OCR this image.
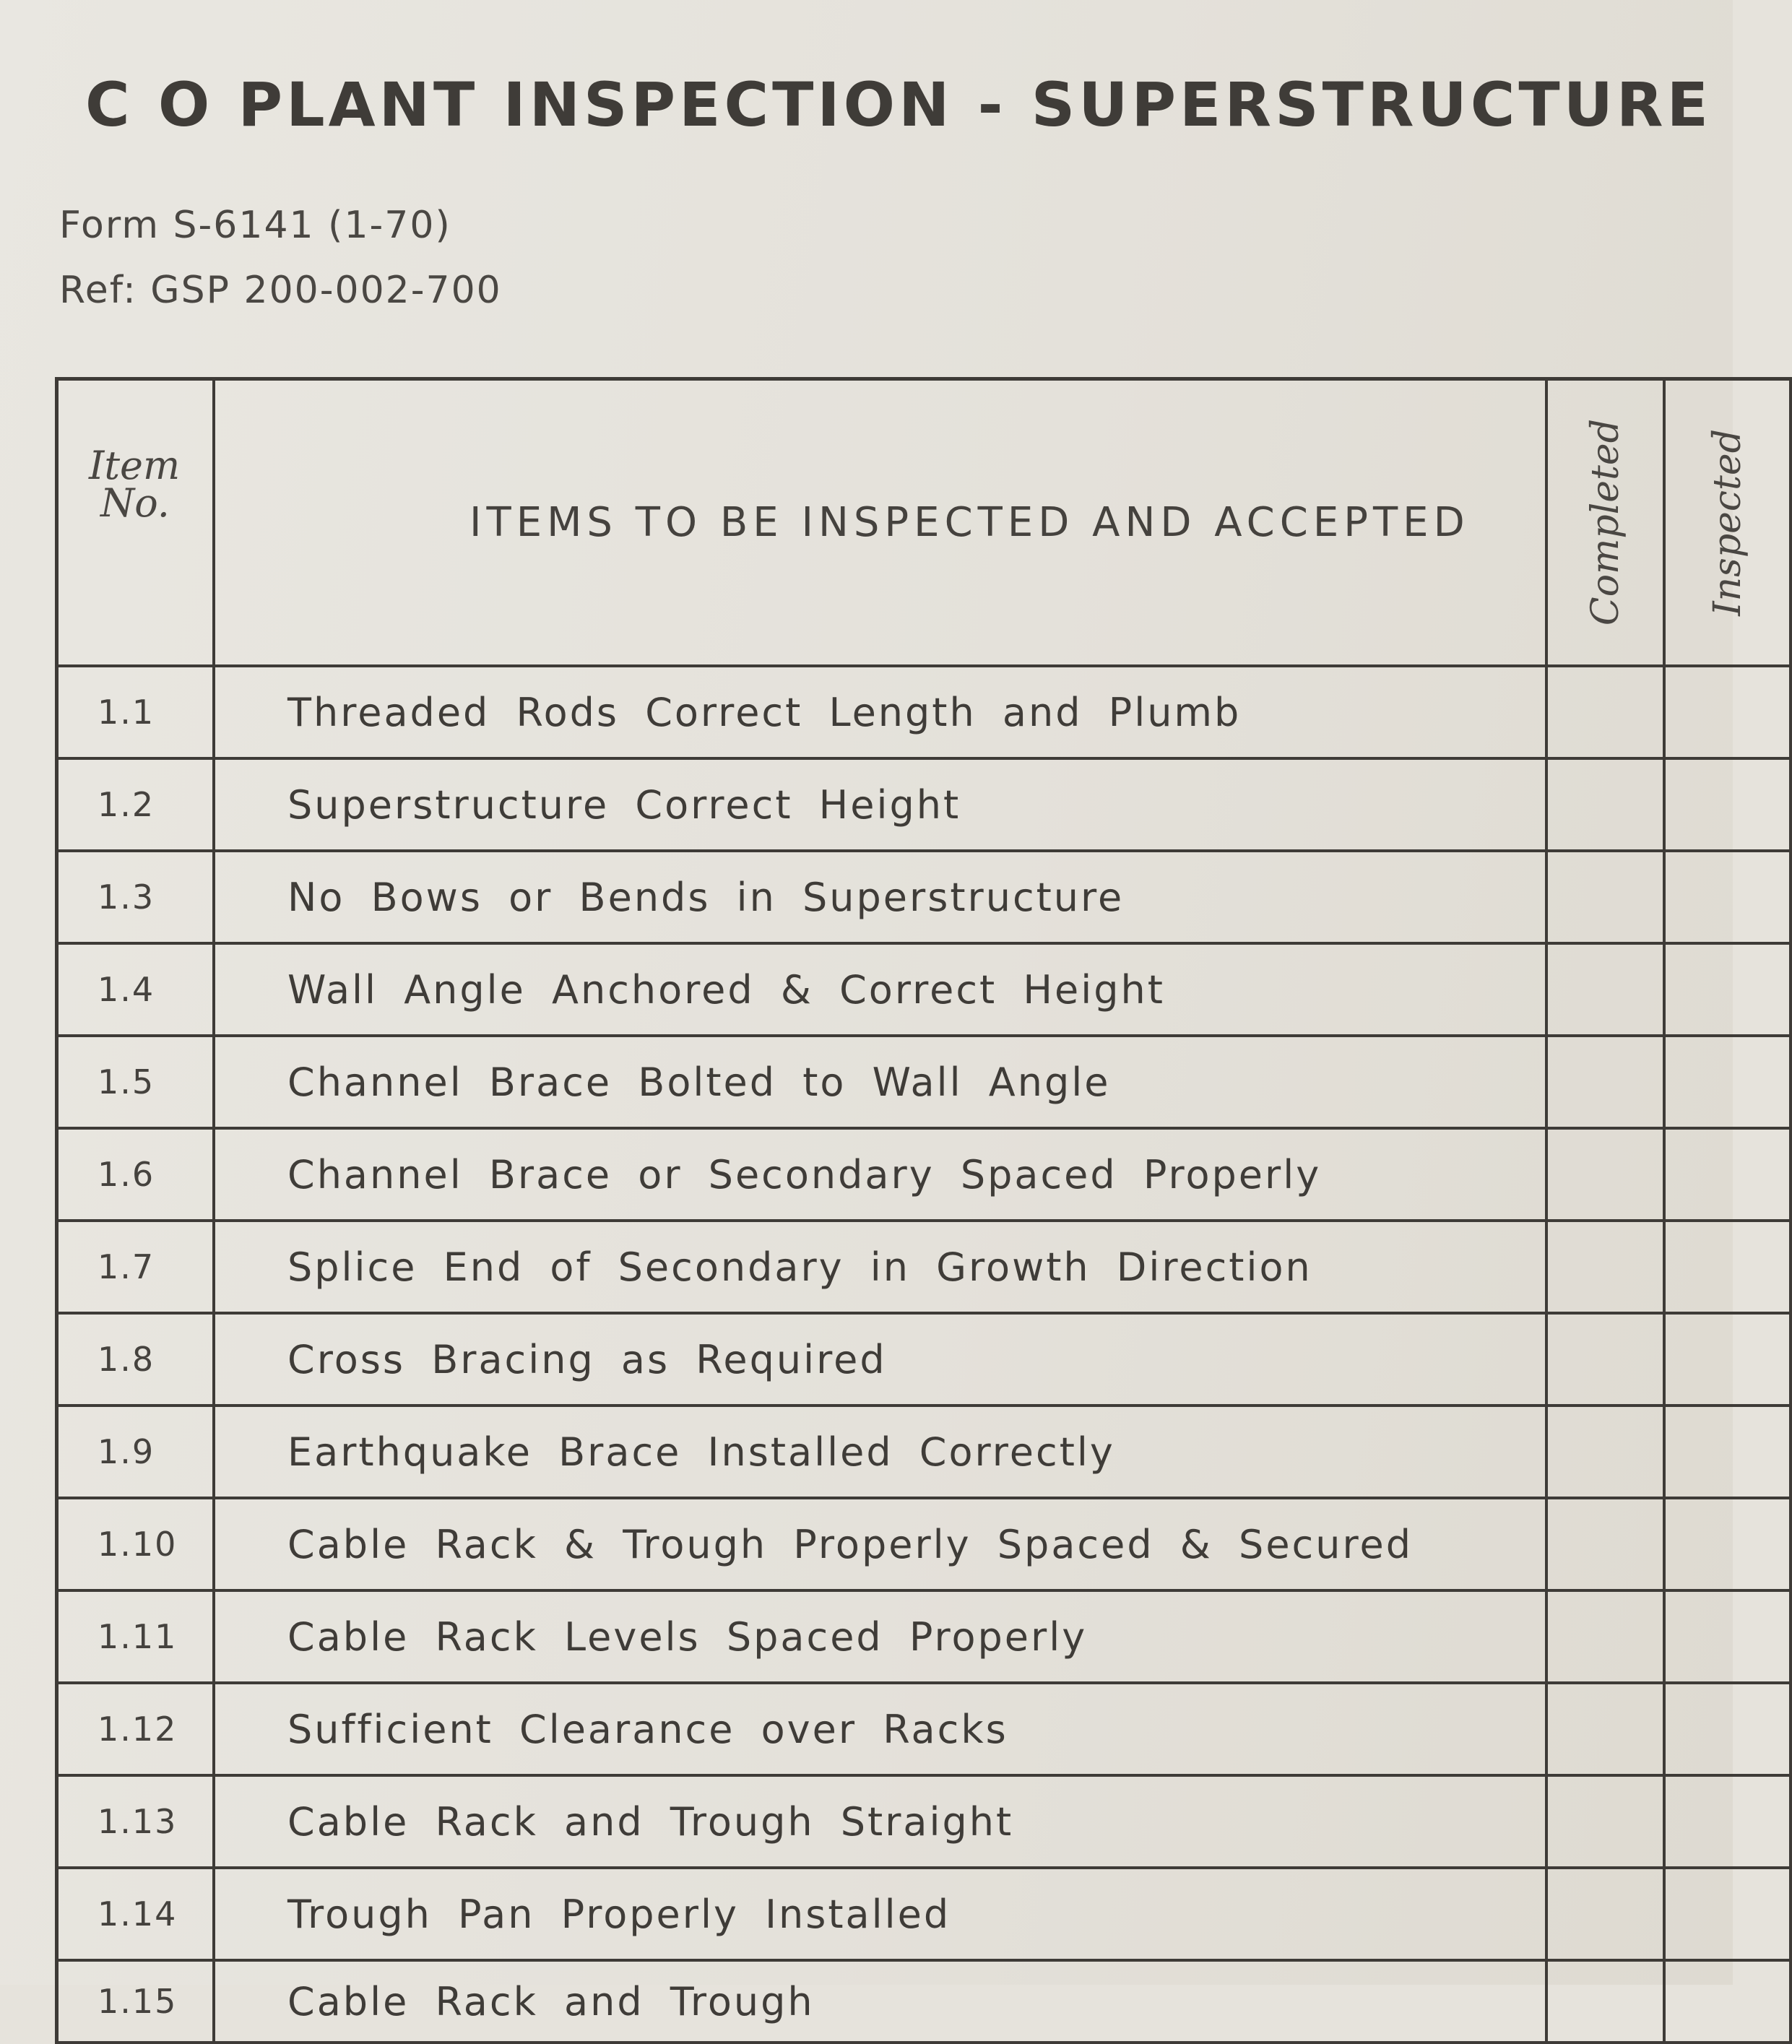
C O PLANT INSPECTION - SUPERSTRUCTURE
Form S-6141 (1-70)
Ref: GSP 200-002-700
Item
No.	ITEMS TO BE INSPECTED AND ACCEPTED	Completed Inspected
1.1	Threaded Rods Correct Length and Plumb
1.2	Superstructure Correct Height
1.3	No Bows or Bends in Superstructure
1.4	Wall Angle Anchored & Correct Height
1.5	Channel Brace Bolted to Wall Angle
1.6	Channel Brace or Secondary Spaced Properly
1.7	Splice End of Secondary in Growth Direction
1.8	Cross Bracing as Required
1.9	Earthquake Brace Installed Correctly
1.10	Cable Rack & Trough Properly Spaced & Secured
1.11	Cable Rack Levels Spaced Properly
1.12	Sufficient Clearance over Racks
1.13	Cable Rack and Trough Straight
1.14	Trough Pan Properly Installed
1.15	Cable Rack and Trough
